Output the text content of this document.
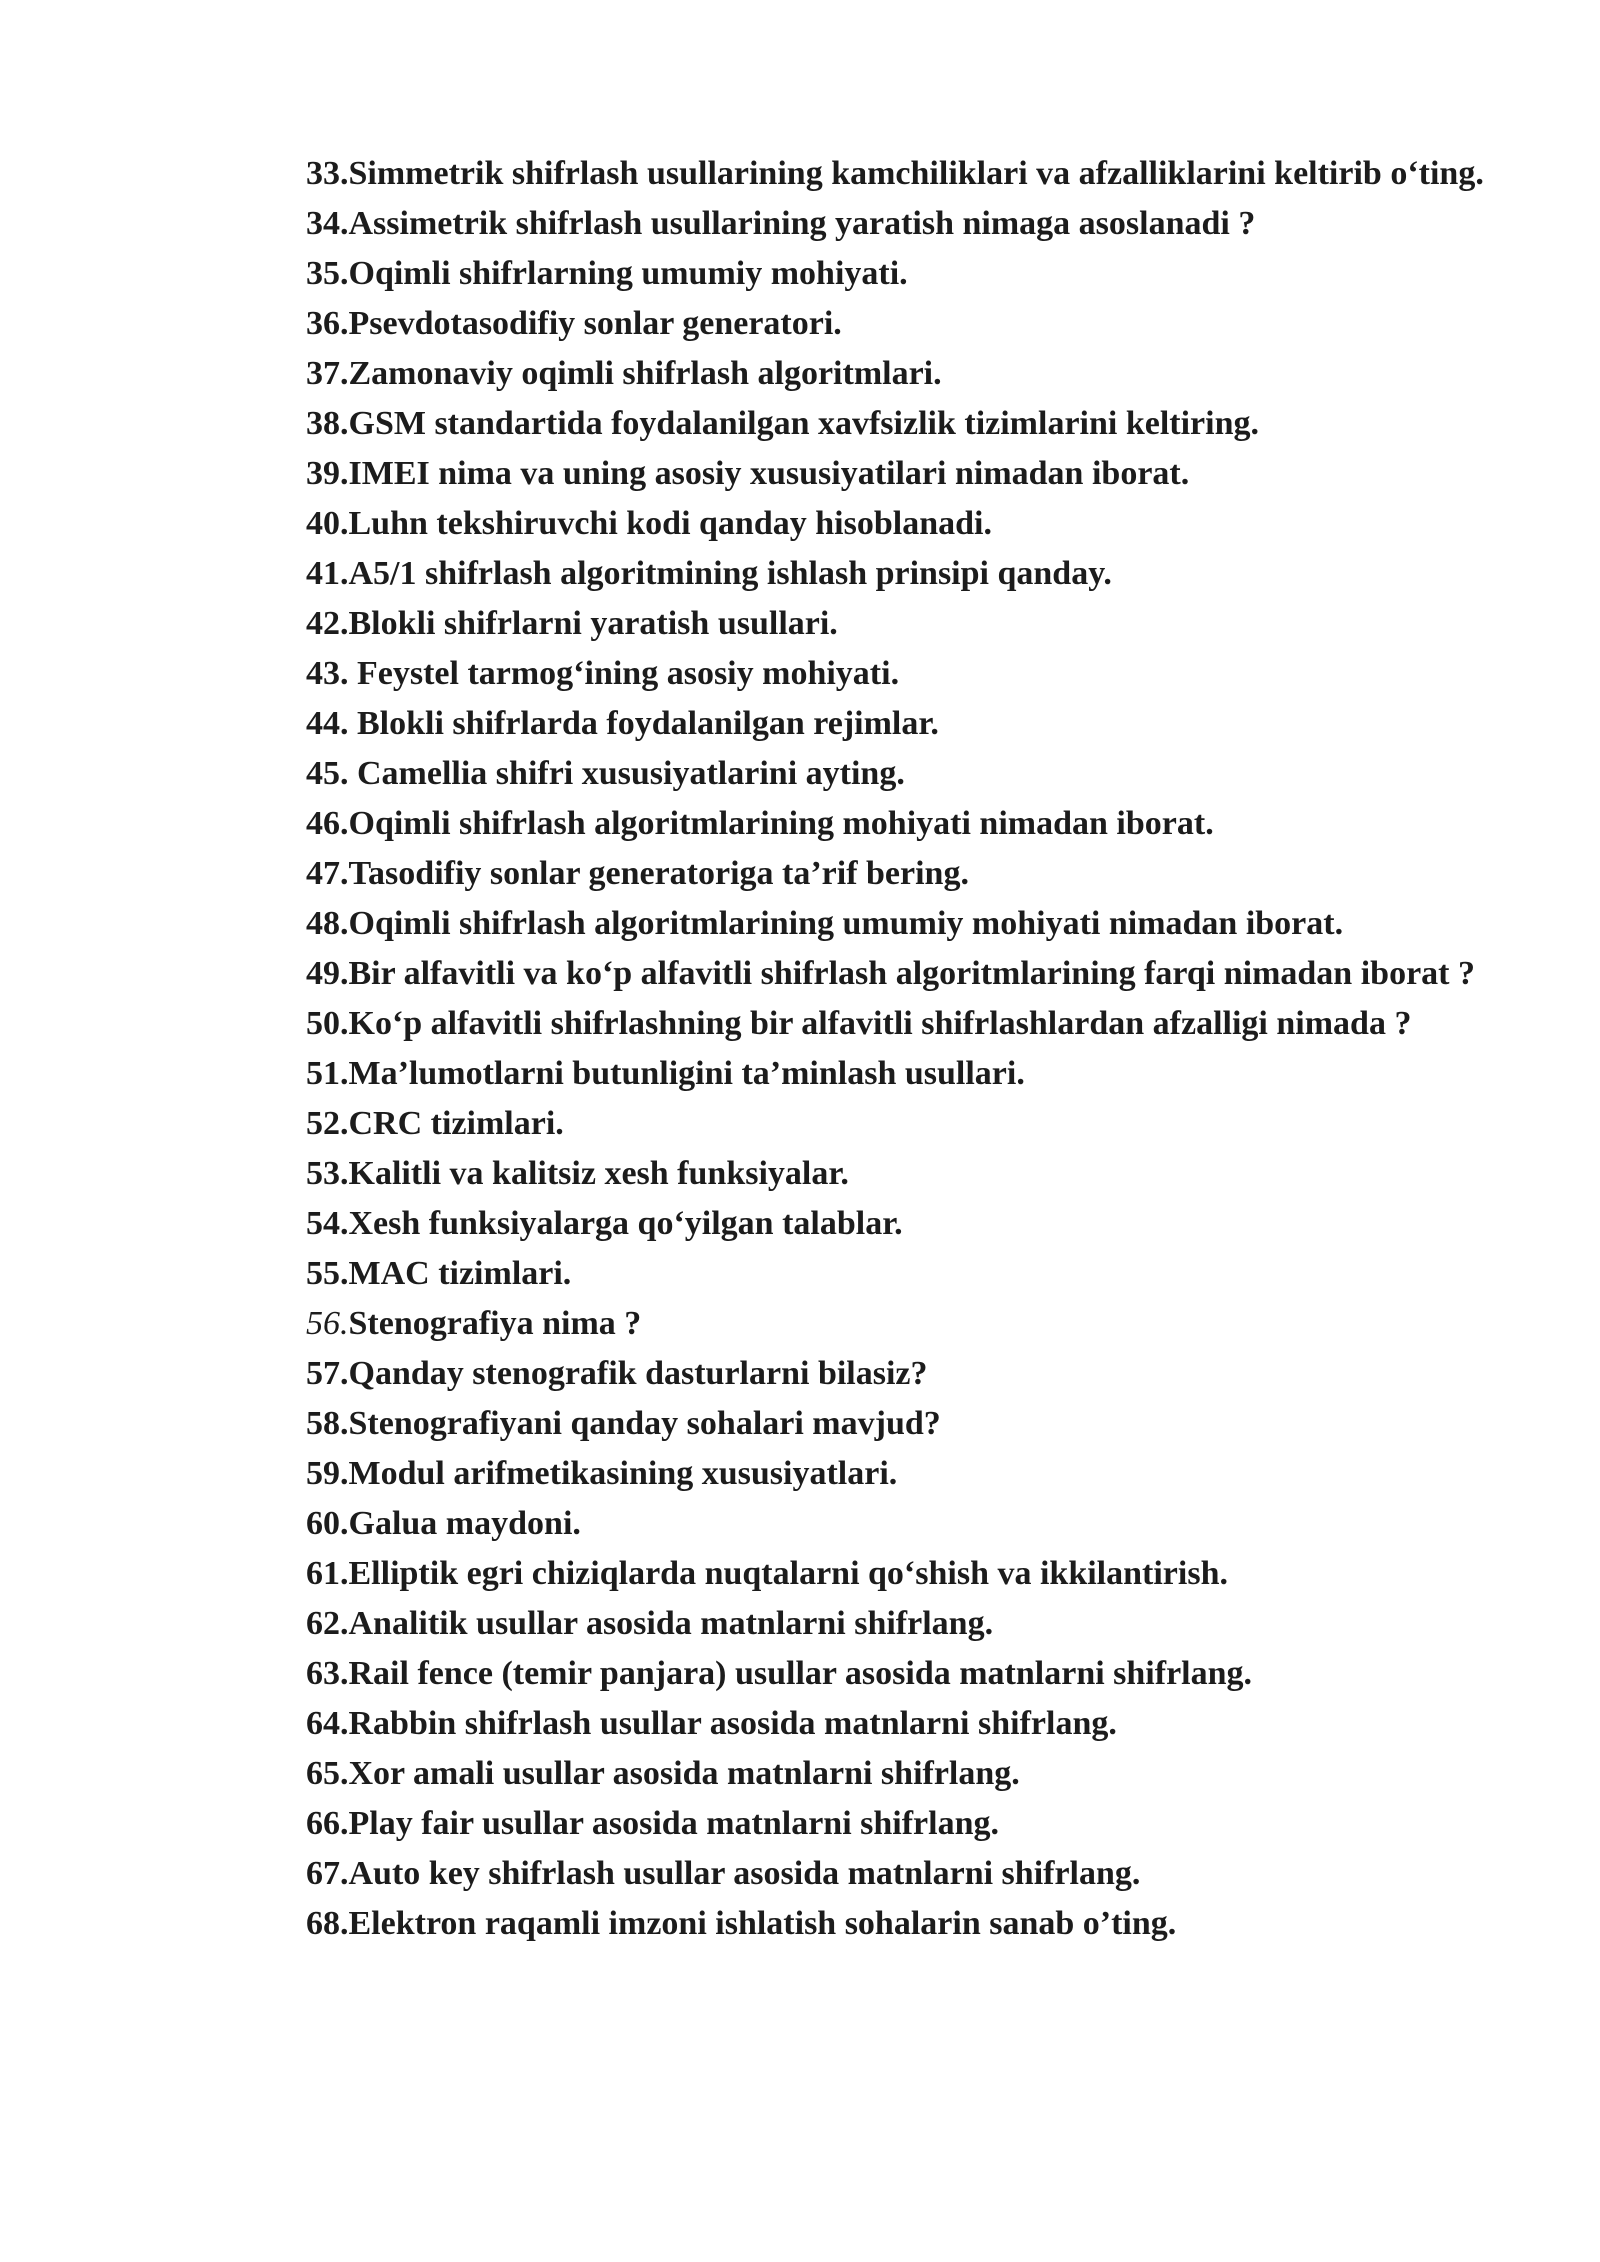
33.Simmetrik shifrlash usullarining kamchiliklari va afzalliklarini keltirib o‘ting.

34.Assimetrik shifrlash usullarining yaratish nimaga asoslanadi ?

35.Oqimli shifrlarning umumiy mohiyati.

36.Psevdotasodifiy sonlar generatori.

37.Zamonaviy oqimli shifrlash algoritmlari.

38.GSM standartida foydalanilgan xavfsizlik tizimlarini keltiring.

39.IMEI nima va uning asosiy xususiyatilari nimadan iborat.

40.Luhn tekshiruvchi kodi qanday hisoblanadi.

41.A5/1 shifrlash algoritmining ishlash prinsipi qanday.

42.Blokli shifrlarni yaratish usullari.

43. Feystel tarmog‘ining asosiy mohiyati.

44. Blokli shifrlarda foydalanilgan rejimlar.

45. Camellia shifri xususiyatlarini ayting.

46.Oqimli shifrlash algoritmlarining mohiyati nimadan iborat.

47.Tasodifiy sonlar generatoriga ta’rif bering.

48.Oqimli shifrlash algoritmlarining umumiy mohiyati nimadan iborat.

49.Bir alfavitli va ko‘p alfavitli shifrlash algoritmlarining farqi nimadan iborat ?

50.Ko‘p alfavitli shifrlashning bir alfavitli shifrlashlardan afzalligi nimada ?

51.Ma’lumotlarni butunligini ta’minlash usullari.

52.CRC tizimlari.

53.Kalitli va kalitsiz xesh funksiyalar.

54.Xesh funksiyalarga qo‘yilgan talablar.

55.MAC tizimlari.

56.Stenografiya nima ?

57.Qanday stenografik dasturlarni bilasiz?

58.Stenografiyani qanday sohalari mavjud?

59.Modul arifmetikasining xususiyatlari.

60.Galua maydoni.

61.Elliptik egri chiziqlarda nuqtalarni qo‘shish va ikkilantirish.

62.Analitik usullar asosida matnlarni shifrlang.

63.Rail fence (temir panjara) usullar asosida matnlarni shifrlang.

64.Rabbin shifrlash usullar asosida matnlarni shifrlang.

65.Xor amali usullar asosida matnlarni shifrlang.

66.Play fair usullar asosida matnlarni shifrlang.

67.Auto key shifrlash usullar asosida matnlarni shifrlang.

68.Elektron raqamli imzoni ishlatish sohalarin sanab o’ting.
